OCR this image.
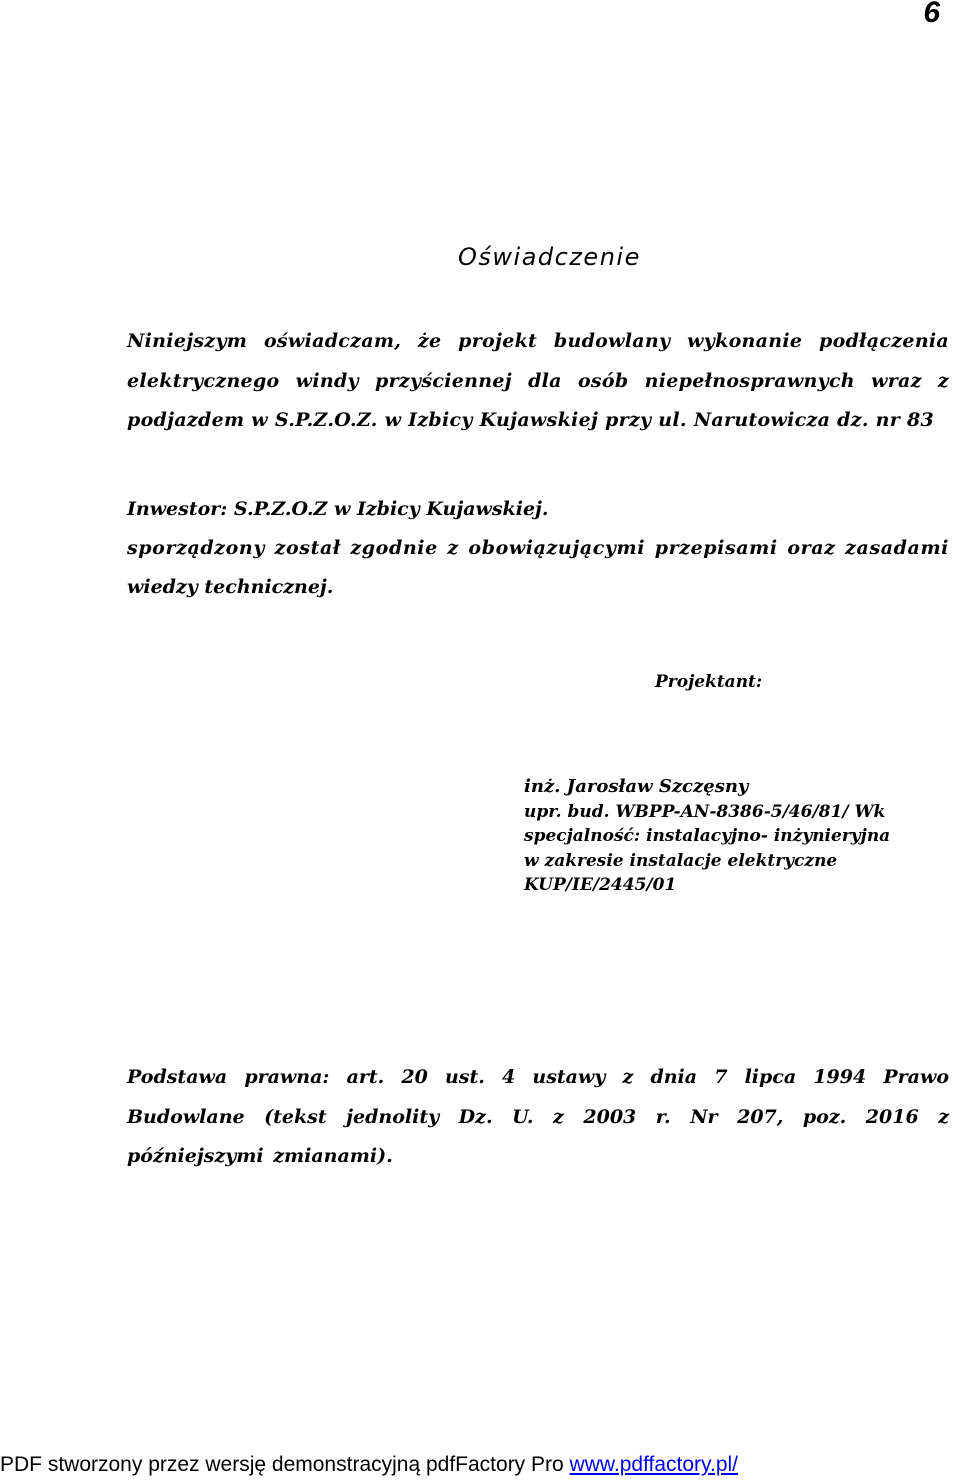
6
Oświadczenie
Niniejszym oświadczam, że projekt budowlany wykonanie podłączenia elektrycznego windy przyściennej dla osób niepełnosprawnych wraz z podjazdem w S.P.Z.O.Z. w Izbicy Kujawskiej przy ul. Narutowicza dz. nr 83
Inwestor: S.P.Z.O.Z w Izbicy Kujawskiej.
sporządzony został zgodnie z obowiązującymi przepisami oraz zasadami
wiedzy technicznej.
Projektant:
inż. Jarosław Szczęsny
upr. bud. WBPP-AN-8386-5/46/81/ Wk
specjalność: instalacyjno- inżynieryjna
w zakresie instalacje elektryczne
KUP/IE/2445/01
Podstawa prawna: art. 20 ust. 4 ustawy z dnia 7 lipca 1994 Prawo Budowlane (tekst jednolity Dz. U. z 2003 r. Nr 207, poz. 2016 z późniejszymi zmianami).
PDF stworzony przez wersję demonstracyjną pdfFactory Pro www.pdffactory.pl/
